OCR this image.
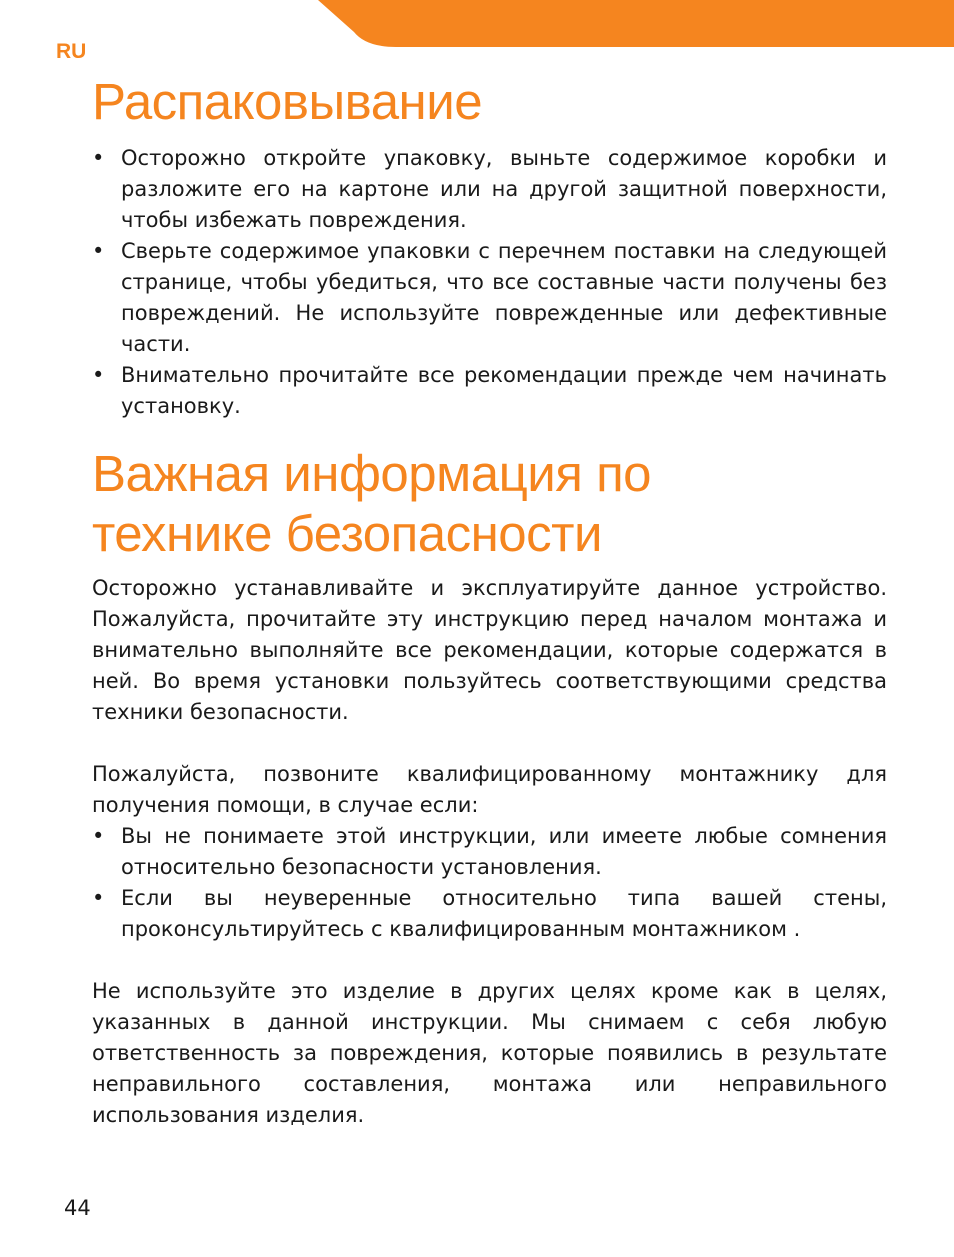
RU
Распаковывание
• Осторожно откройте упаковку, выньте содержимое коробки и разложите его на картоне или на другой защитной поверхности, чтобы избежать повреждения.
• Сверьте содержимое упаковки с перечнем поставки на следующей странице, чтобы убедиться, что все составные части получены без повреждений. Не используйте поврежденные или дефективные части.
• Внимательно прочитайте все рекомендации прежде чем начинать установку.
Важная информация по
технике безопасности

Осторожно устанавливайте и эксплуатируйте данное устройство. Пожалуйста, прочитайте эту инструкцию перед началом монтажа и внимательно выполняйте все рекомендации, которые содержатся в ней. Во время установки пользуйтесь соответствующими средства техники безопасности.

Пожалуйста, позвоните квалифицированному монтажнику для получения помощи, в случае если:

• Вы не понимаете этой инструкции, или имеете любые сомнения относительно безопасности установления.
• Если вы неуверенные относительно типа вашей стены, проконсультируйтесь с квалифицированным монтажником .

Не используйте это изделие в других целях кроме как в целях, указанных в данной инструкции. Мы снимаем с себя любую ответственность за повреждения, которые появились в результате неправильного составления, монтажа или неправильного использования изделия.

44
